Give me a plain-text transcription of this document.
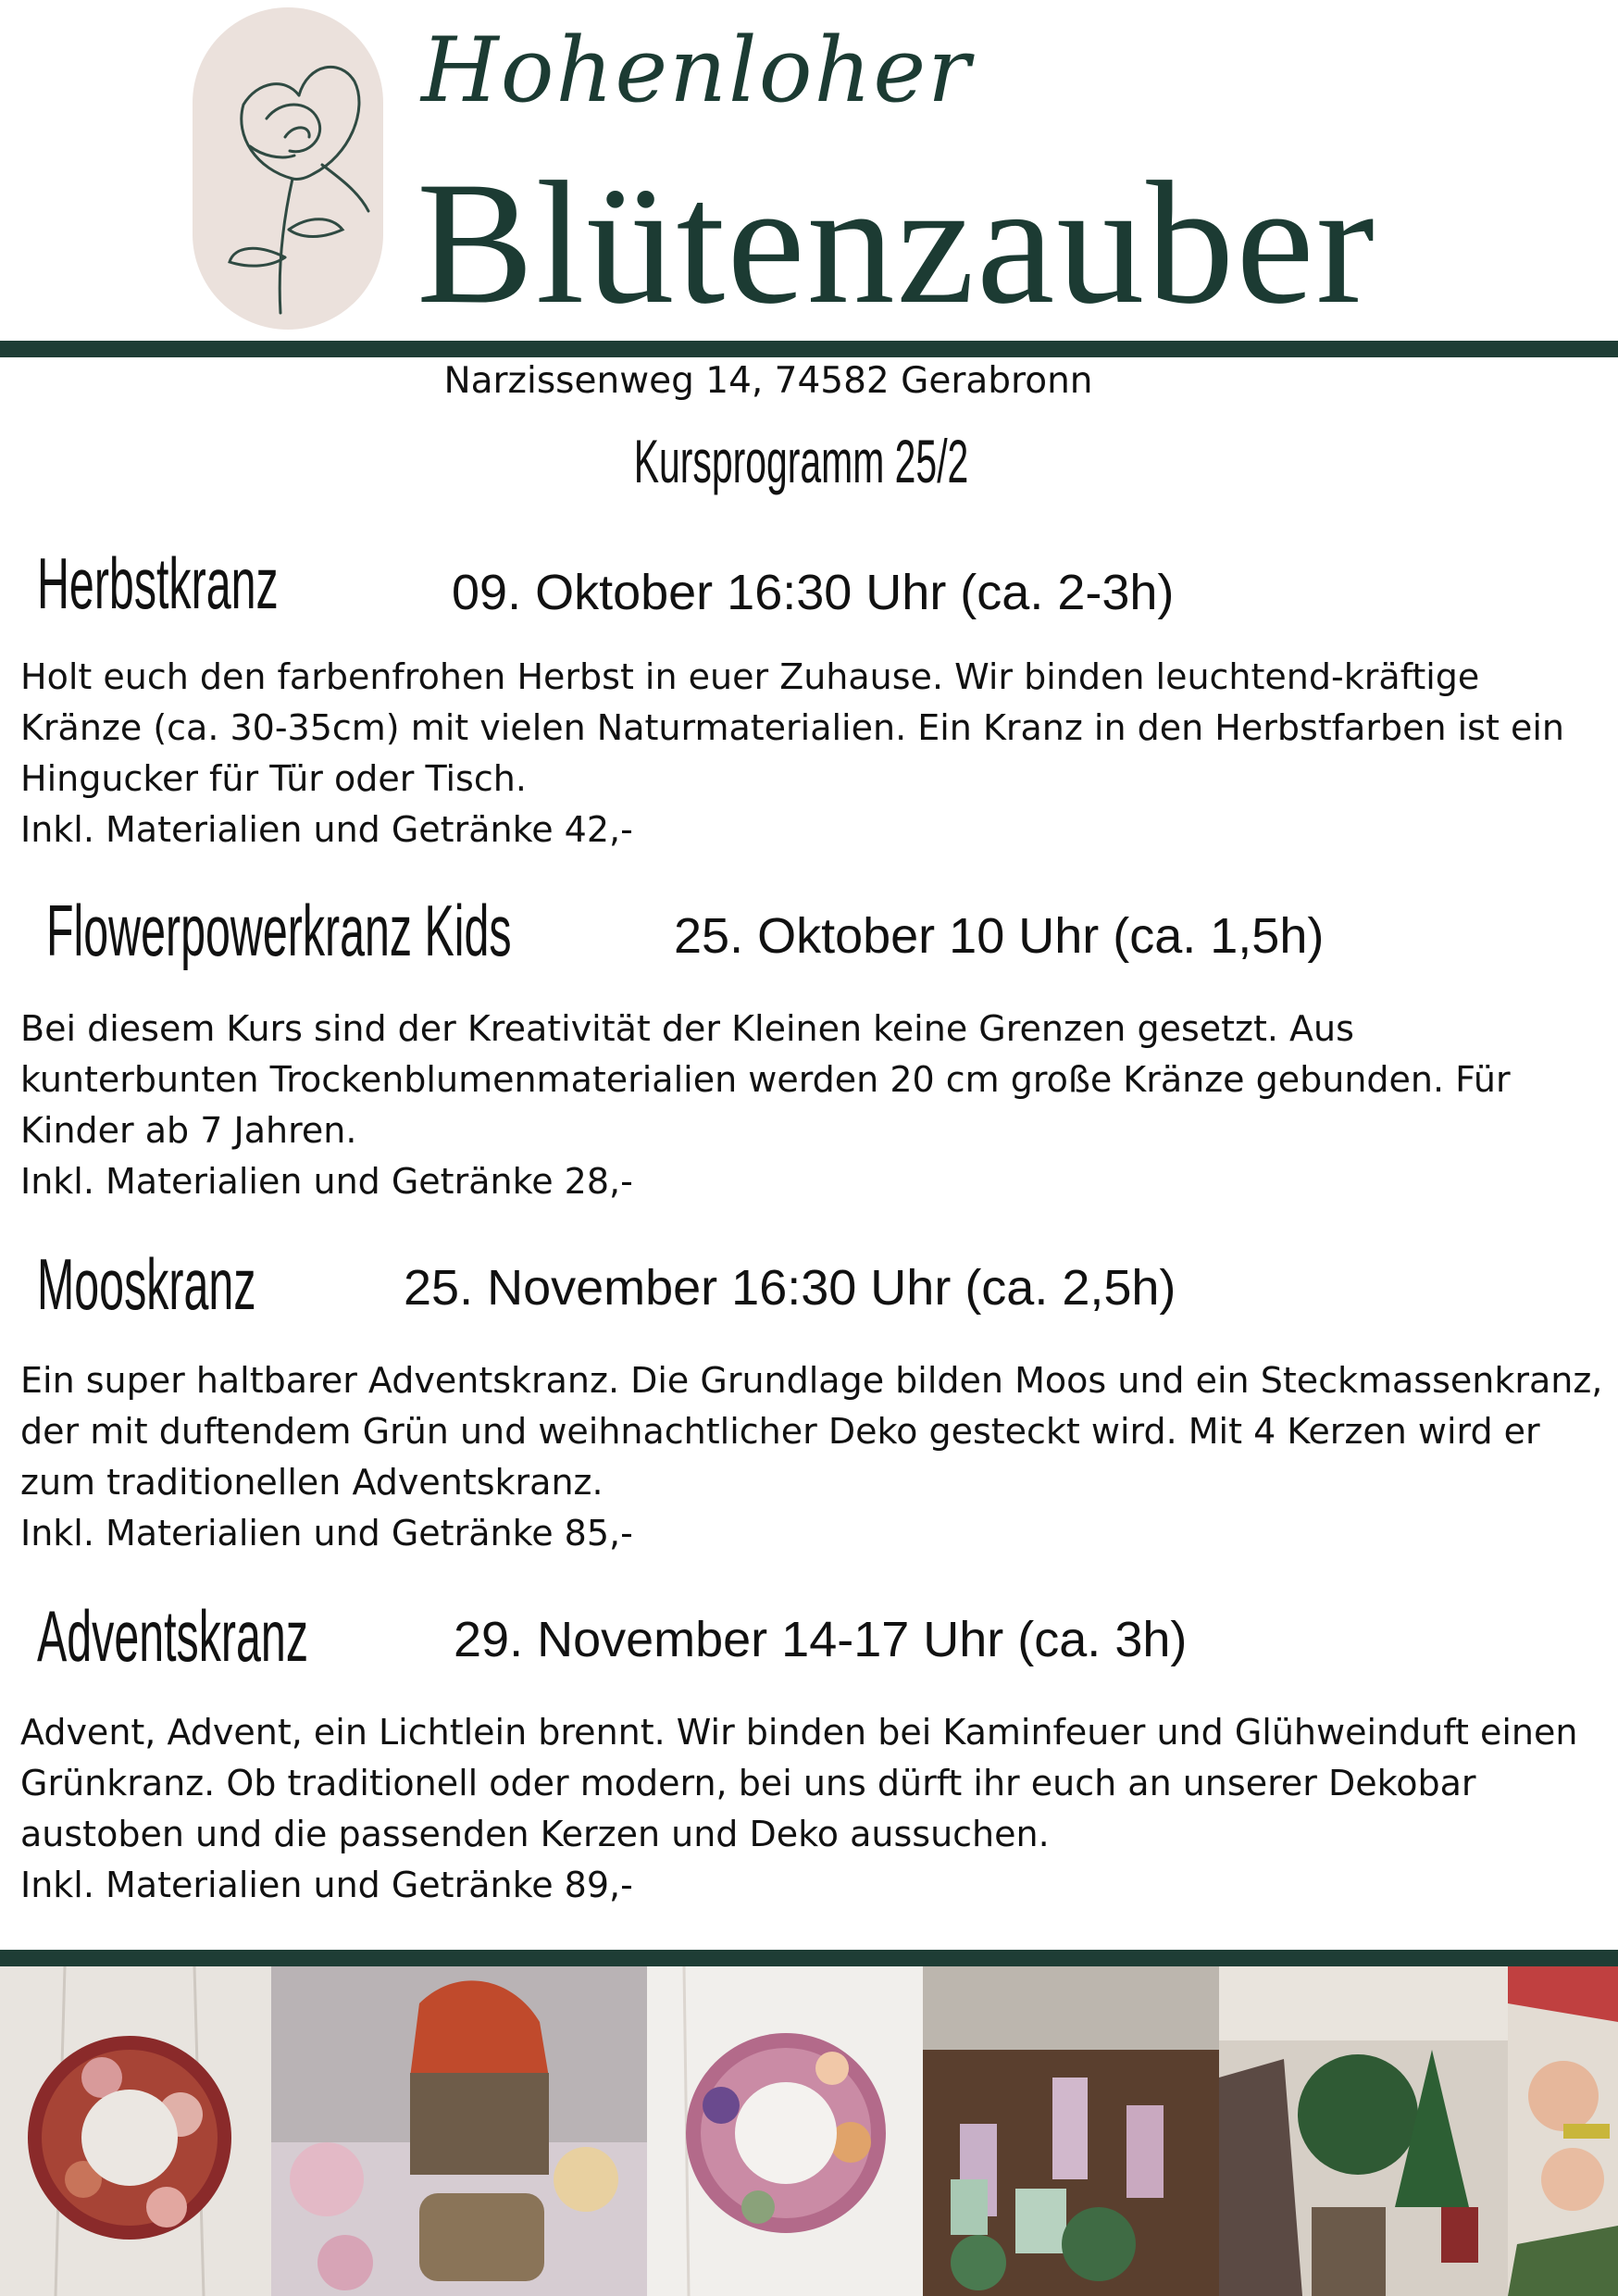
Hohenloher
Blütenzauber
Narzissenweg 14, 74582 Gerabronn
Kursprogramm 25/2
Herbstkranz	09. Oktober 16:30 Uhr (ca. 2-3h)

Holt euch den farbenfrohen Herbst in euer Zuhause. Wir binden leuchtend-kräftige Kränze (ca. 30-35cm) mit vielen Naturmaterialien. Ein Kranz in den Herbstfarben ist ein Hingucker für Tür oder Tisch.

Inkl. Materialien und Getränke 42,-

Flowerpowerkranz Kids	25. Oktober 10 Uhr (ca. 1,5h)

Bei diesem Kurs sind der Kreativität der Kleinen keine Grenzen gesetzt. Aus kunterbunten Trockenblumenmaterialien werden 20 cm große Kränze gebunden. Für Kinder ab 7 Jahren.

Inkl. Materialien und Getränke 28,-

Mooskranz	25. November 16:30 Uhr (ca. 2,5h)

Ein super haltbarer Adventskranz. Die Grundlage bilden Moos und ein Steckmassenkranz, der mit duftendem Grün und weihnachtlicher Deko gesteckt wird. Mit 4 Kerzen wird er zum traditionellen Adventskranz.

Inkl. Materialien und Getränke 85,-

Adventskranz	29. November 14-17 Uhr (ca. 3h)

Advent, Advent, ein Lichtlein brennt. Wir binden bei Kaminfeuer und Glühweinduft einen Grünkranz. Ob traditionell oder modern, bei uns dürft ihr euch an unserer Dekobar austoben und die passenden Kerzen und Deko aussuchen.

Inkl. Materialien und Getränke 89,-
